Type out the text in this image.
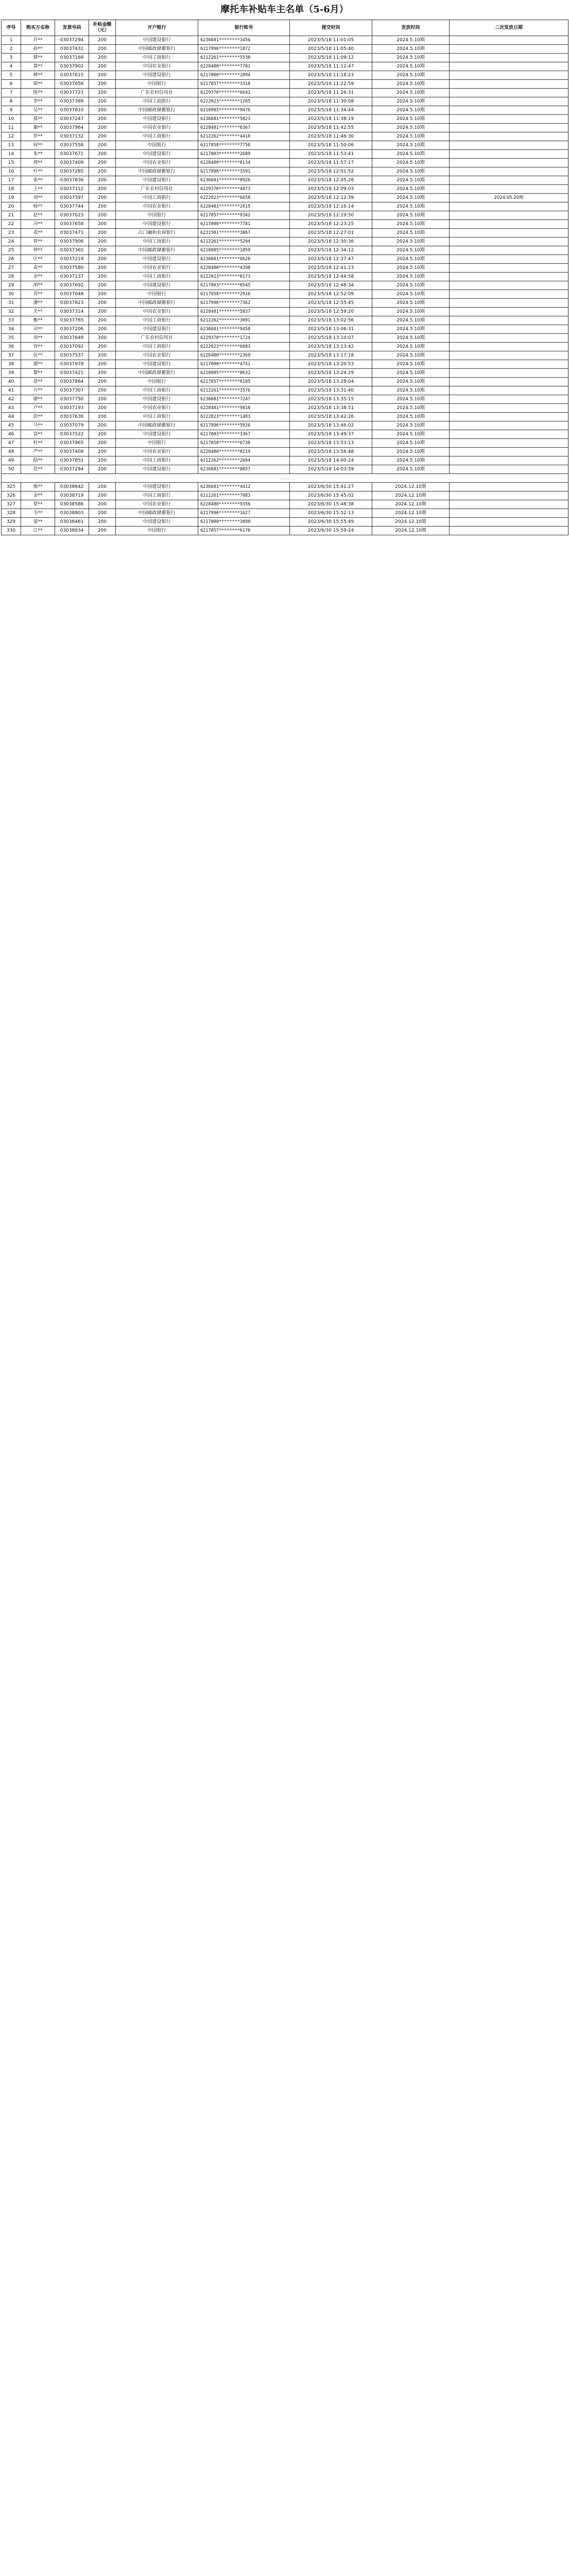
摩托车补贴车主名单（5-6月）
序号	购买方名称	发票号码	补贴金额（元）	开户银行	银行账号	提交时间	发放时间	二次发放日期
1	许**	03037294	200	中国建设银行	6236681********3456	2023/5/18 11:01:05	2024.5.10期	
2	孙**	03037431	200	中国邮政储蓄银行	6217996********1872	2023/5/18 11:05:40	2024.5.10期	
3	蔡**	03037168	200	中国工商银行	6212261********5530	2023/5/18 11:09:12	2024.5.10期	
4	黄**	03037902	200	中国农业银行	6228480********7781	2023/5/18 11:12:47	2024.5.10期	
5	林**	03037615	200	中国建设银行	6217000********2094	2023/5/18 11:18:23	2024.5.10期	
6	梁**	03037056	200	中国银行	6217857********3318	2023/5/18 11:22:59	2024.5.10期	
7	陈**	03037723	200	广东农村信用社	6229370********6642	2023/5/18 11:26:31	2024.5.10期	
8	李**	03037389	200	中国工商银行	6222023********1205	2023/5/18 11:30:08	2024.5.10期	
9	吴**	03037810	200	中国邮政储蓄银行	6210985********9476	2023/5/18 11:34:44	2024.5.10期	
10	郑**	03037247	200	中国建设银行	6236681********5823	2023/5/18 11:38:19	2024.5.10期	
11	谢**	03037964	200	中国农业银行	6228481********0367	2023/5/18 11:42:55	2024.5.10期	
12	罗**	03037132	200	中国工商银行	6212262********4418	2023/5/18 11:46:30	2024.5.10期	
13	何**	03037558	200	中国银行	6217858********7750	2023/5/18 11:50:06	2024.5.10期	
14	朱**	03037671	200	中国建设银行	6217003********2689	2023/5/18 11:53:41	2024.5.10期	
15	周**	03037409	200	中国农业银行	6228480********8134	2023/5/18 11:57:17	2024.5.10期	
16	叶**	03037285	200	中国邮政储蓄银行	6217996********3591	2023/5/18 12:01:52	2024.5.10期	
17	张**	03037836	200	中国建设银行	6236681********0926	2023/5/18 12:05:28	2024.5.10期	
18	王**	03037112	200	广东农村信用社	6229370********4473	2023/5/18 12:09:03	2024.5.10期	
19	刘**	03037597	200	中国工商银行	6222023********6658	2023/5/18 12:12:39	2024.5.10期	2024.05.20期
20	杨**	03037744	200	中国农业银行	6228481********2015	2023/5/18 12:16:14	2024.5.10期	
21	赵**	03037023	200	中国银行	6217857********9342	2023/5/18 12:19:50	2024.5.10期	
22	冯**	03037658	200	中国建设银行	6217000********7781	2023/5/18 12:23:25	2024.5.10期	
23	邓**	03037471	200	江门融和农商银行	6231501********3067	2023/5/18 12:27:01	2024.5.10期	
24	曾**	03037906	200	中国工商银行	6212261********5204	2023/5/18 12:30:36	2024.5.10期	
25	钟**	03037365	200	中国邮政储蓄银行	6210985********1859	2023/5/18 12:34:12	2024.5.10期	
26	区**	03037219	200	中国建设银行	6236681********6620	2023/5/18 12:37:47	2024.5.10期	
27	麦**	03037580	200	中国农业银行	6228480********4398	2023/5/18 12:41:23	2024.5.10期	
28	余**	03037137	200	中国工商银行	6222023********8173	2023/5/18 12:44:58	2024.5.10期	
29	胡**	03037692	200	中国建设银行	6217003********0545	2023/5/18 12:48:34	2024.5.10期	
30	苏**	03037048	200	中国银行	6217858********2916	2023/5/18 12:52:09	2024.5.10期	
31	潘**	03037823	200	中国邮政储蓄银行	6217996********7362	2023/5/18 12:55:45	2024.5.10期	
32	关**	03037314	200	中国农业银行	6228481********5837	2023/5/18 12:59:20	2024.5.10期	
33	甄**	03037765	200	中国工商银行	6212262********3091	2023/5/18 13:02:56	2024.5.10期	
34	司**	03037206	200	中国建设银行	6236681********9458	2023/5/18 13:06:31	2024.5.10期	
35	汤**	03037649	200	广东农村信用社	6229370********1724	2023/5/18 13:10:07	2024.5.10期	
36	容**	03037092	200	中国工商银行	6222023********6083	2023/5/18 13:13:42	2024.5.10期	
37	伍**	03037537	200	中国农业银行	6228480********2369	2023/5/18 13:17:18	2024.5.10期	
38	谭**	03037978	200	中国建设银行	6217000********4751	2023/5/18 13:20:53	2024.5.10期	
39	黎**	03037421	200	中国邮政储蓄银行	6210985********0632	2023/5/18 13:24:29	2024.5.10期	
40	莫**	03037864	200	中国银行	6217857********8105	2023/5/18 13:28:04	2024.5.10期	
41	方**	03037307	200	中国工商银行	6212261********3576	2023/5/18 13:31:40	2024.5.10期	
42	廖**	03037750	200	中国建设银行	6236681********7247	2023/5/18 13:35:15	2024.5.10期	
43	卢**	03037193	200	中国农业银行	6228481********9810	2023/5/18 13:38:51	2024.5.10期	
44	彭**	03037636	200	中国工商银行	6222023********1483	2023/5/18 13:42:26	2024.5.10期	
45	马**	03037079	200	中国邮政储蓄银行	6217996********5926	2023/5/18 13:46:02	2024.5.10期	
46	袁**	03037522	200	中国建设银行	6217003********3367	2023/5/18 13:49:37	2024.5.10期	
47	杜**	03037965	200	中国银行	6217858********6738	2023/5/18 13:53:13	2024.5.10期	
48	严**	03037408	200	中国农业银行	6228480********0219	2023/5/18 13:56:48	2024.5.10期	
49	陆**	03037851	200	中国工商银行	6212262********2684	2023/5/18 14:00:24	2024.5.10期	
50	范**	03037294	200	中国建设银行	6236681********8057	2023/5/18 14:03:59	2024.5.10期	
……								
325	熊**	03038642	200	中国建设银行	6236681********4412	2023/6/30 15:41:27	2024.12.10期	
326	金**	03038719	200	中国工商银行	6212261********7083	2023/6/30 15:45:02	2024.12.10期	
327	覃**	03038586	200	中国农业银行	6228480********9356	2023/6/30 15:48:38	2024.12.10期	
328	韦**	03038803	200	中国邮政储蓄银行	6217996********1627	2023/6/30 15:52:13	2024.12.10期	
329	蒙**	03038461	200	中国建设银行	6217000********3898	2023/6/30 15:55:49	2024.12.10期	
330	江**	03038934	200	中国银行	6217857********6170	2023/6/30 15:59:24	2024.12.10期	
